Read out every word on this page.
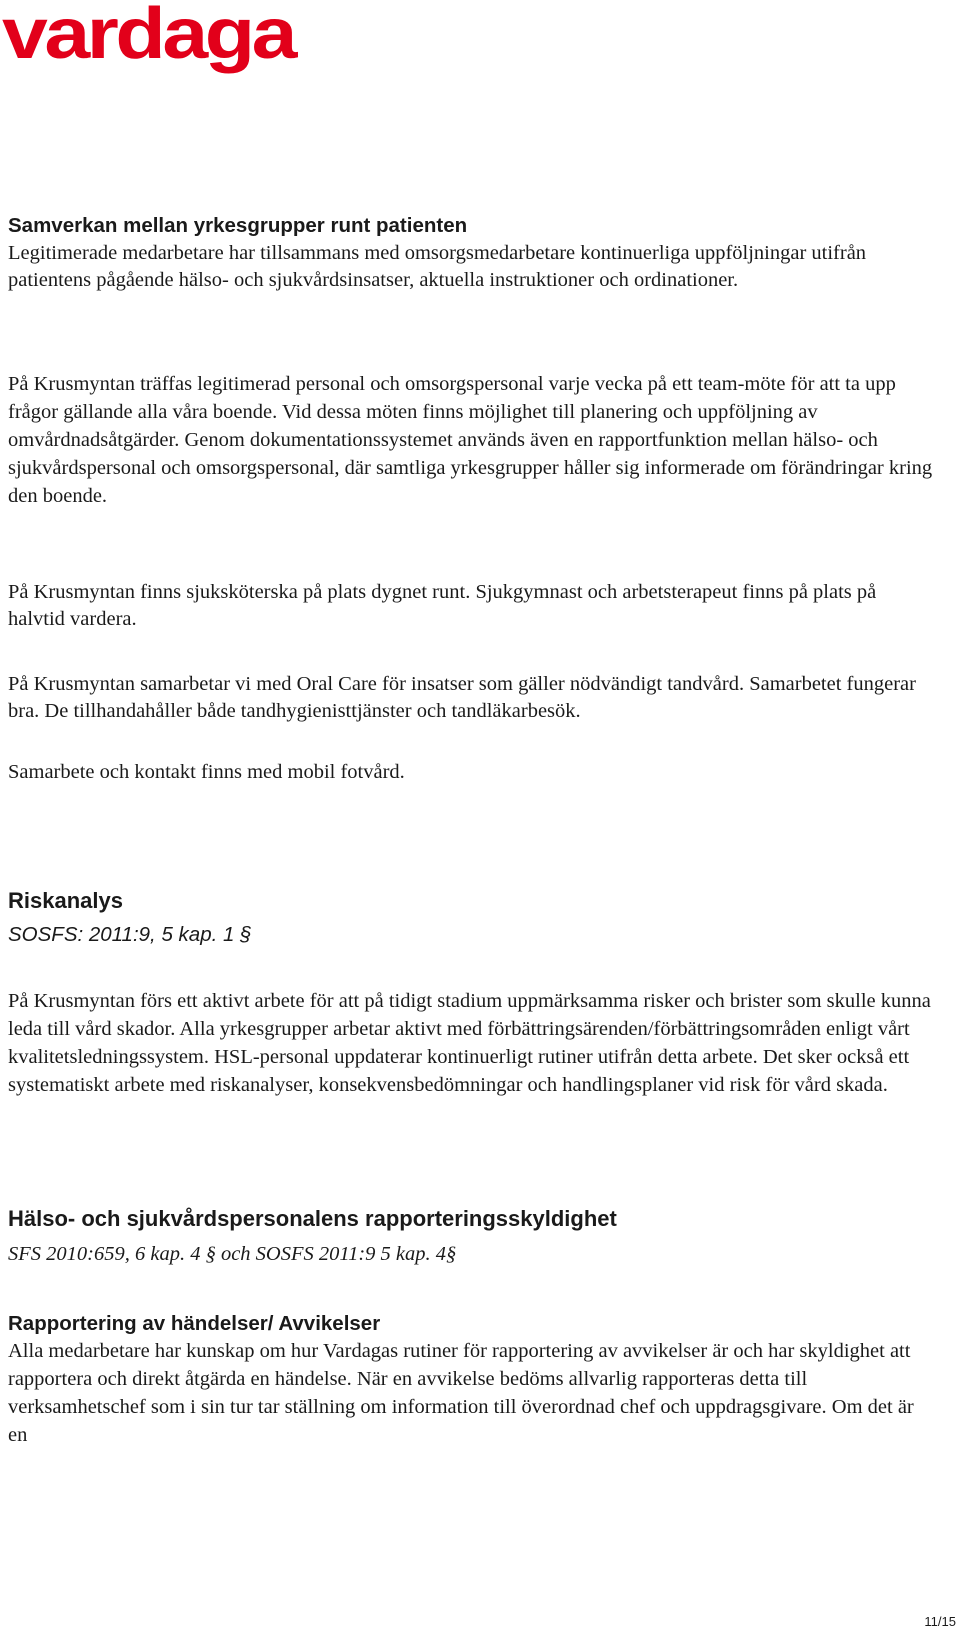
vardaga
Samverkan mellan yrkesgrupper runt patienten
Legitimerade medarbetare har tillsammans med omsorgsmedarbetare kontinuerliga uppföljningar utifrån patientens pågående hälso- och sjukvårdsinsatser, aktuella instruktioner och ordinationer.
På Krusmyntan träffas legitimerad personal och omsorgspersonal varje vecka på ett team-möte för att ta upp frågor gällande alla våra boende. Vid dessa möten finns möjlighet till planering och uppföljning av omvårdnadsåtgärder. Genom dokumentationssystemet används även en rapportfunktion mellan hälso- och sjukvårdspersonal och omsorgspersonal, där samtliga yrkesgrupper håller sig informerade om förändringar kring den boende.
På Krusmyntan finns sjuksköterska på plats dygnet runt. Sjukgymnast och arbetsterapeut finns på plats på halvtid vardera.
På Krusmyntan samarbetar vi med Oral Care för insatser som gäller nödvändigt tandvård. Samarbetet fungerar bra. De tillhandahåller både tandhygienisttjänster och tandläkarbesök.
Samarbete och kontakt finns med mobil fotvård.
Riskanalys
SOSFS: 2011:9, 5 kap. 1 §
På Krusmyntan förs ett aktivt arbete för att på tidigt stadium uppmärksamma risker och brister som skulle kunna leda till vård skador. Alla yrkesgrupper arbetar aktivt med förbättringsärenden/förbättringsområden enligt vårt kvalitetsledningssystem. HSL-personal uppdaterar kontinuerligt rutiner utifrån detta arbete. Det sker också ett systematiskt arbete med riskanalyser, konsekvensbedömningar och handlingsplaner vid risk för vård skada.
Hälso- och sjukvårdspersonalens rapporteringsskyldighet
SFS 2010:659, 6 kap. 4 § och SOSFS 2011:9 5 kap. 4§
Rapportering av händelser/ Avvikelser
Alla medarbetare har kunskap om hur Vardagas rutiner för rapportering av avvikelser är och har skyldighet att rapportera och direkt åtgärda en händelse. När en avvikelse bedöms allvarlig rapporteras detta till verksamhetschef som i sin tur tar ställning om information till överordnad chef och uppdragsgivare. Om det är en
11/15
